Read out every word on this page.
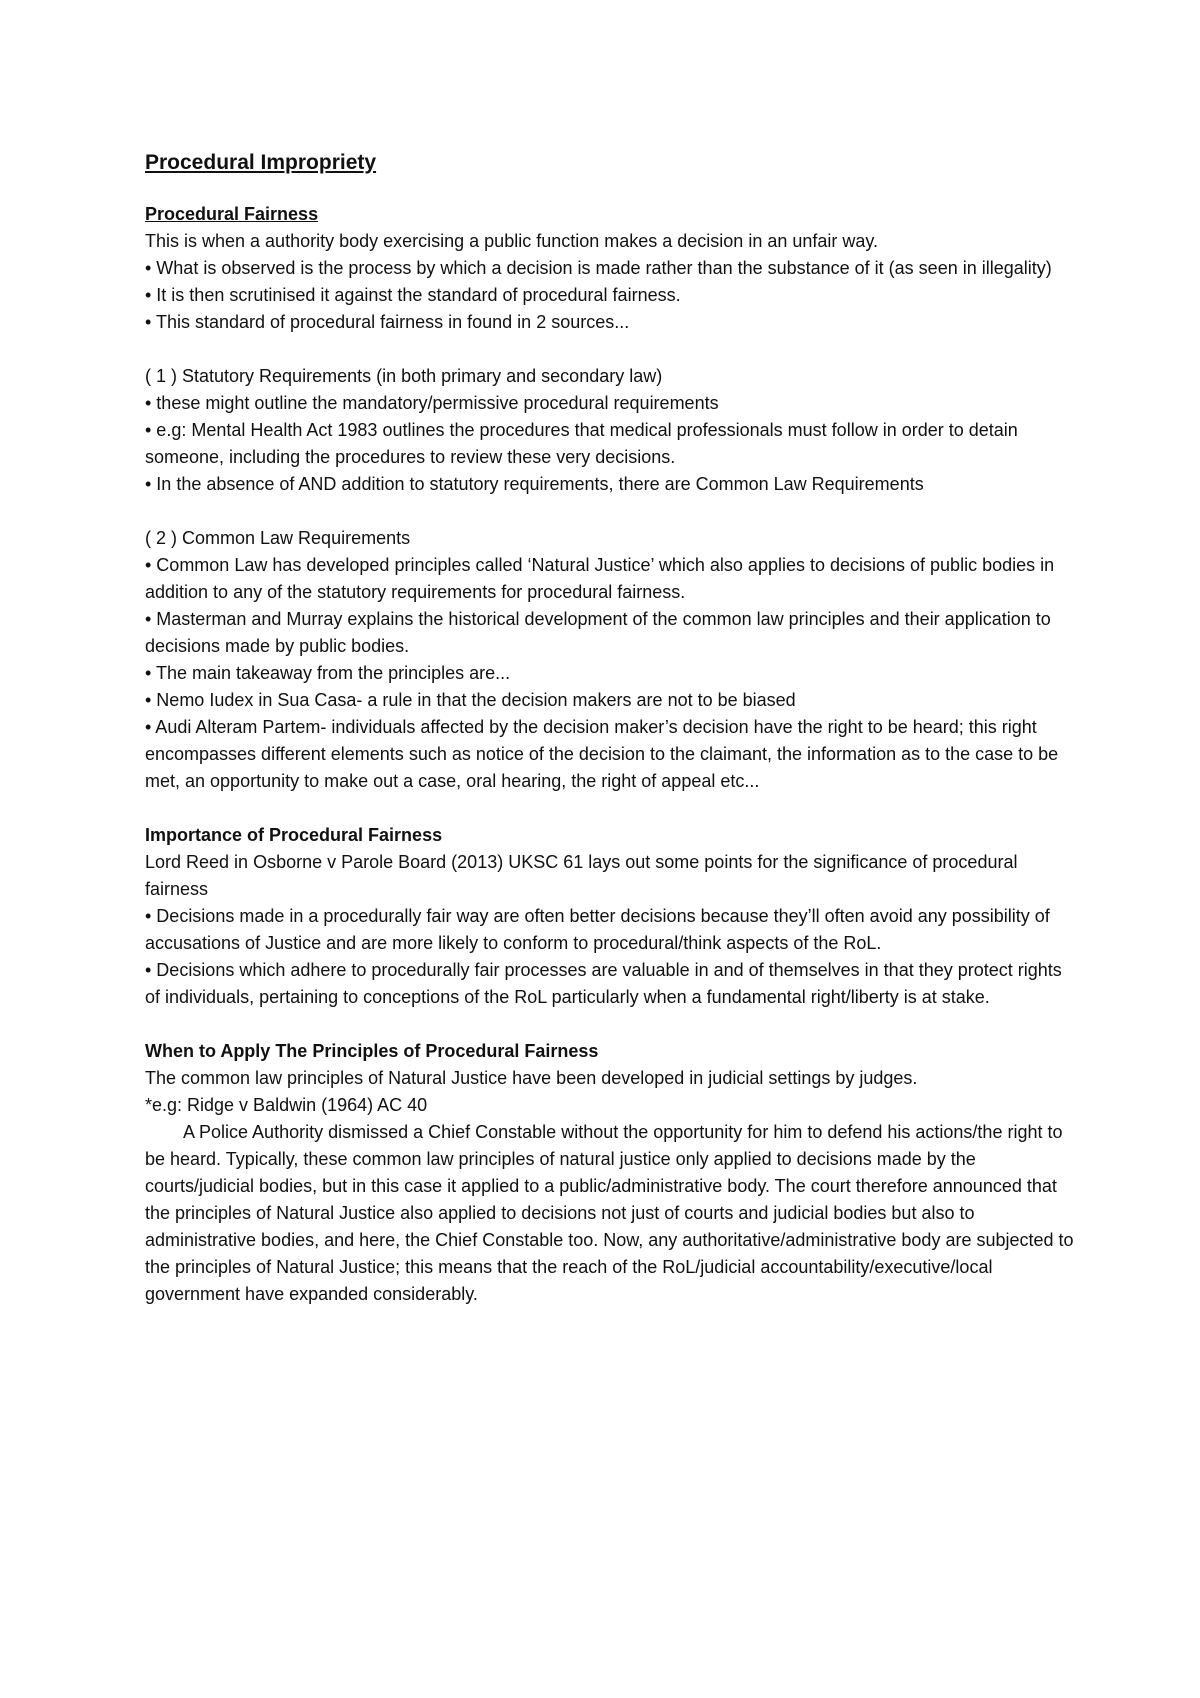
Procedural Impropriety

Procedural Fairness

This is when a authority body exercising a public function makes a decision in an unfair way.

• What is observed is the process by which a decision is made rather than the substance of it (as seen in illegality)

• It is then scrutinised it against the standard of procedural fairness.

• This standard of procedural fairness in found in 2 sources...

( 1 ) Statutory Requirements (in both primary and secondary law)

• these might outline the mandatory/permissive procedural requirements

• e.g: Mental Health Act 1983 outlines the procedures that medical professionals must follow in order to detain someone, including the procedures to review these very decisions.

• In the absence of AND addition to statutory requirements, there are Common Law Requirements

( 2 ) Common Law Requirements

• Common Law has developed principles called ‘Natural Justice’ which also applies to decisions of public bodies in addition to any of the statutory requirements for procedural fairness.

• Masterman and Murray explains the historical development of the common law principles and their application to decisions made by public bodies.

• The main takeaway from the principles are...

• Nemo Iudex in Sua Casa- a rule in that the decision makers are not to be biased

• Audi Alteram Partem- individuals affected by the decision maker’s decision have the right to be heard; this right encompasses different elements such as notice of the decision to the claimant, the information as to the case to be met, an opportunity to make out a case, oral hearing, the right of appeal etc...

Importance of Procedural Fairness

Lord Reed in Osborne v Parole Board (2013) UKSC 61 lays out some points for the significance of procedural fairness

• Decisions made in a procedurally fair way are often better decisions because they’ll often avoid any possibility of accusations of Justice and are more likely to conform to procedural/think aspects of the RoL.

• Decisions which adhere to procedurally fair processes are valuable in and of themselves in that they protect rights of individuals, pertaining to conceptions of the RoL particularly when a fundamental right/liberty is at stake.

When to Apply The Principles of Procedural Fairness

The common law principles of Natural Justice have been developed in judicial settings by judges.

*e.g: Ridge v Baldwin (1964) AC 40

A Police Authority dismissed a Chief Constable without the opportunity for him to defend his actions/the right to be heard. Typically, these common law principles of natural justice only applied to decisions made by the courts/judicial bodies, but in this case it applied to a public/administrative body. The court therefore announced that the principles of Natural Justice also applied to decisions not just of courts and judicial bodies but also to administrative bodies, and here, the Chief Constable too. Now, any authoritative/administrative body are subjected to the principles of Natural Justice; this means that the reach of the RoL/judicial accountability/executive/local government have expanded considerably.
